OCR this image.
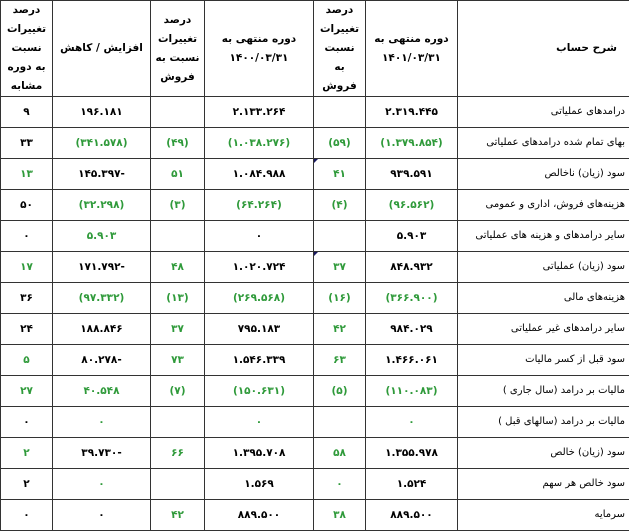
شرح حساب	دوره منتهی به ۱۴۰۱/۰۳/۳۱	درصد تغییرات نسبت به فروش	دوره منتهی به ۱۴۰۰/۰۳/۳۱	درصد تغییرات نسبت به فروش	افزایش / کاهش	درصد تغییرات نسبت به دوره مشابه
درامدهای عملیاتی	۲.۳۱۹.۴۴۵		۲.۱۳۳.۲۶۴		۱۹۶.۱۸۱	۹
بهای تمام شده درامدهای عملیاتی	(۱.۳۷۹.۸۵۴)	(۵۹)	(۱.۰۳۸.۲۷۶)	(۴۹)	(۳۴۱.۵۷۸)	۳۳
سود (زیان) ناخالص	۹۳۹.۵۹۱	۴۱	۱.۰۸۴.۹۸۸	۵۱	-۱۴۵.۳۹۷	۱۳
هزینه‌های فروش، اداری و عمومی	(۹۶.۵۶۲)	(۴)	(۶۴.۲۶۴)	(۳)	(۳۲.۲۹۸)	۵۰
سایر درامدهای و هزینه های عملیاتی	۵.۹۰۳		۰		۵.۹۰۳	۰
سود (زیان) عملیاتی	۸۴۸.۹۳۲	۳۷	۱.۰۲۰.۷۲۴	۴۸	-۱۷۱.۷۹۲	۱۷
هزینه‌های مالی	(۳۶۶.۹۰۰)	(۱۶)	(۲۶۹.۵۶۸)	(۱۳)	(۹۷.۳۳۲)	۳۶
سایر درامدهای غیر عملیاتی	۹۸۴.۰۲۹	۴۲	۷۹۵.۱۸۳	۳۷	۱۸۸.۸۴۶	۲۴
سود قبل از کسر مالیات	۱.۴۶۶.۰۶۱	۶۳	۱.۵۴۶.۳۳۹	۷۳	-۸۰.۲۷۸	۵
مالیات بر درامد (سال جاری )	(۱۱۰.۰۸۳)	(۵)	(۱۵۰.۶۳۱)	(۷)	۴۰.۵۴۸	۲۷
مالیات بر درامد (سالهای قبل )	۰		۰		۰	۰
سود (زیان) خالص	۱.۳۵۵.۹۷۸	۵۸	۱.۳۹۵.۷۰۸	۶۶	-۳۹.۷۳۰	۲
سود خالص هر سهم	۱.۵۲۴	۰	۱.۵۶۹		۰	۲
سرمایه	۸۸۹.۵۰۰	۳۸	۸۸۹.۵۰۰	۴۲	۰	۰
